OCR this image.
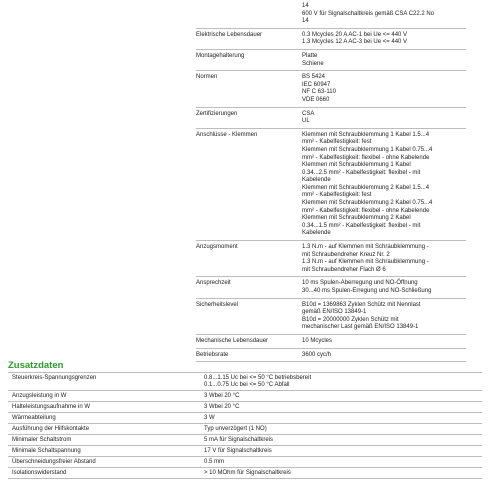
14
600 V für Signalschaltkreis gemäß CSA C22.2 No
14
Elektrische Lebensdauer	0.3 Mcycles 20 A AC-1 bei Ue <= 440 V
1.3 Mcycles 12 A AC-3 bei Ue <= 440 V
Montagehalterung	Platte
Schiene
Normen	BS 5424
IEC 60947
NF C 63-110
VDE 0660
Zertifizierungen	CSA
UL
Anschlüsse - Klemmen	Klemmen mit Schraubklemmung 1 Kabel 1.5...4
mm² - Kabelfestigkeit: fest
Klemmen mit Schraubklemmung 1 Kabel 0.75...4
mm² - Kabelfestigkeit: flexibel - ohne Kabelende
Klemmen mit Schraubklemmung 1 Kabel
0.34...2.5 mm² - Kabelfestigkeit: flexibel - mit
Kabelende
Klemmen mit Schraubklemmung 2 Kabel 1.5...4
mm² - Kabelfestigkeit: fest
Klemmen mit Schraubklemmung 2 Kabel 0.75...4
mm² - Kabelfestigkeit: flexibel - ohne Kabelende
Klemmen mit Schraubklemmung 2 Kabel
0.34...1.5 mm² - Kabelfestigkeit: flexibel - mit
Kabelende
Anzugsmoment	1.3 N.m - auf Klemmen mit Schraubklemmung -
mit Schraubendreher Kreuz Nr. 2
1.3 N.m - auf Klemmen mit Schraubklemmung -
mit Schraubendreher Flach Ø 6
Ansprechzeit	10 ms Spulen-Aberregung und NO-Öffnung
30...40 ms Spulen-Erregung und NO-Schließung
Sicherheitslevel	B10d = 1369863 Zyklen Schütz mit Nennlast
gemäß EN/ISO 13849-1
B10d = 20000000 Zyklen Schütz mit
mechanischer Last gemäß EN/ISO 13849-1
Mechanische Lebensdauer	10 Mcycles
Betriebsrate	3600 cyc/h
Zusatzdaten
Steuerkreis-Spannungsgrenzen	0.8...1.15 Uc bei <= 50 °C betriebsbereit
0.1...0.75 Uc bei <= 50 °C Abfall
Anzugsleistung in W	3 Wbei 20 °C
Halteleistungsaufnahme in W	3 Wbei 20 °C
Wärmeabteilung	3 W
Ausführung der Hilfskontakte	Typ unverzögert (1 NO)
Minimaler Schaltstrom	5 mA für Signalschaltkreis
Minimale Schaltspannung	17 V für Signalschaltkreis
Überschneidungsfreier Abstand	0.5 mm
Isolationswiderstand	> 10 MOhm für Signalschaltkreis
